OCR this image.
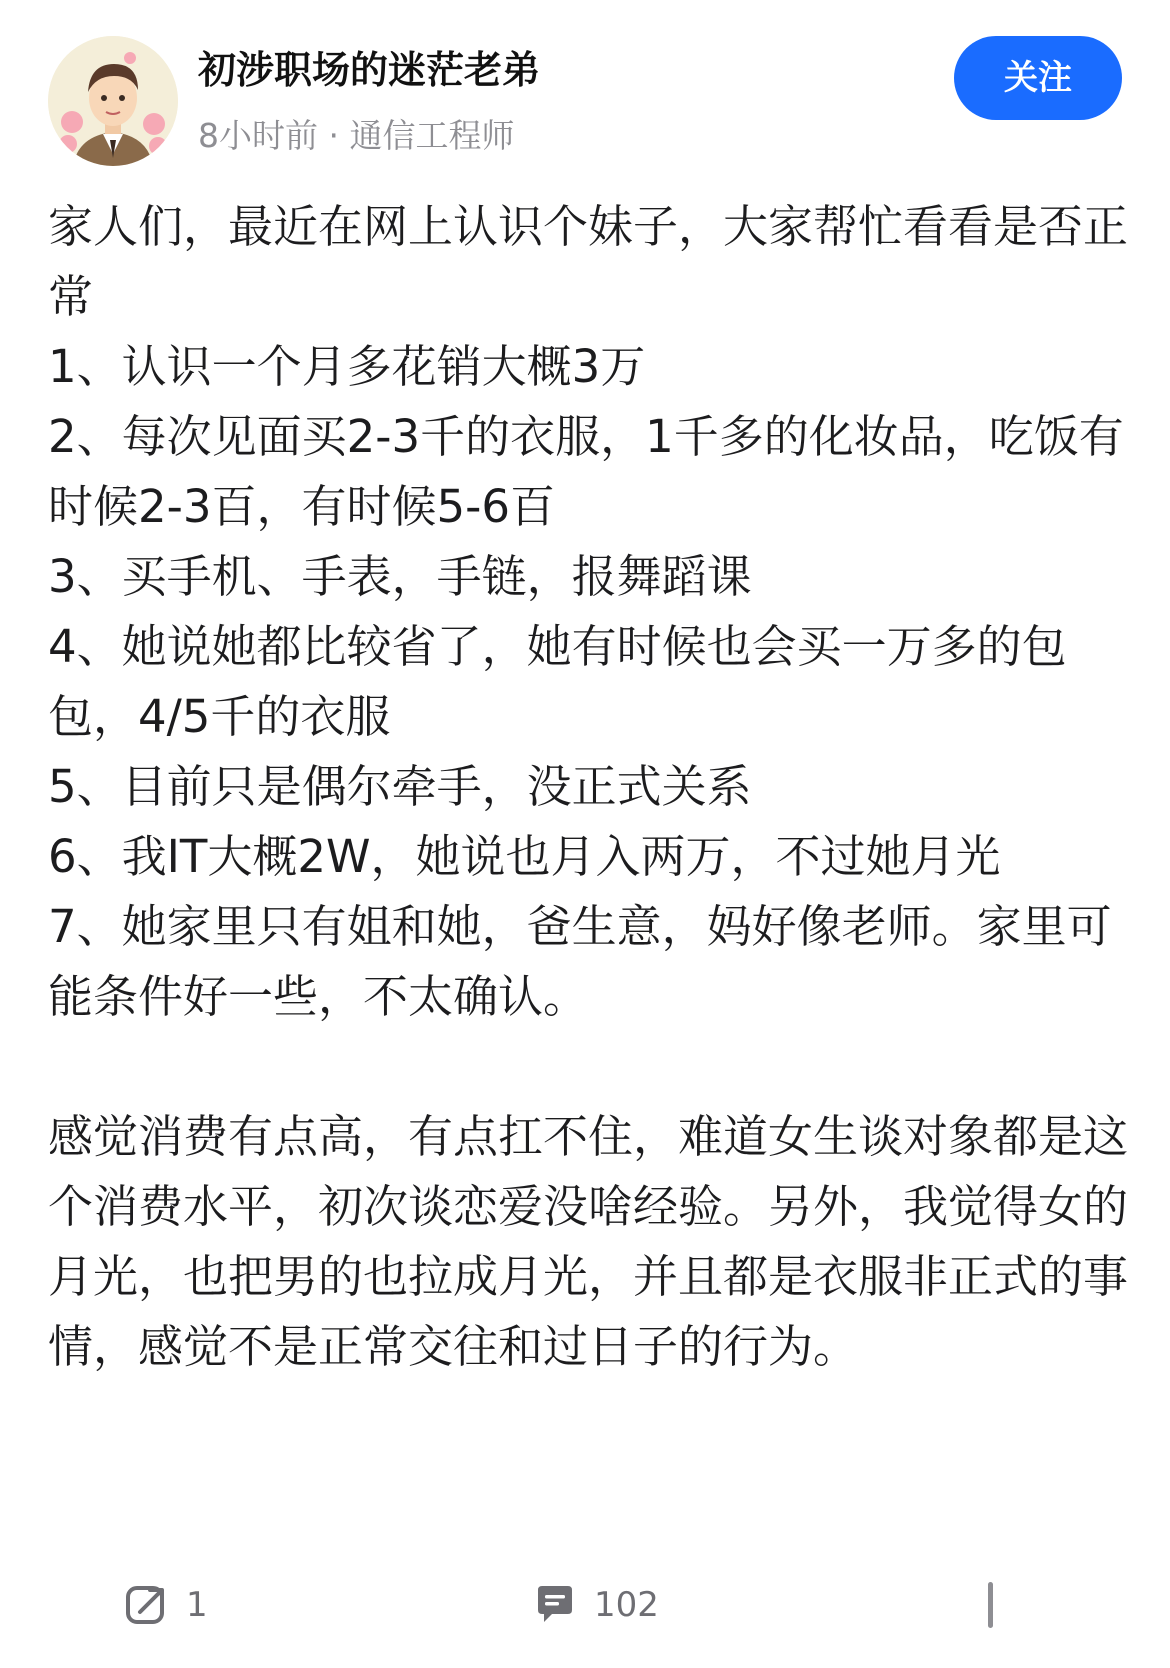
初涉职场的迷茫老弟
8小时前 · 通信工程师
关注

家人们，最近在网上认识个妹子，大家帮忙看看是否正常

1、认识一个月多花销大概3万

2、每次见面买2-3千的衣服，1千多的化妆品，吃饭有时候2-3百，有时候5-6百

3、买手机、手表，手链，报舞蹈课

4、她说她都比较省了，她有时候也会买一万多的包包，4/5千的衣服

5、目前只是偶尔牵手，没正式关系

6、我IT大概2W，她说也月入两万，不过她月光

7、她家里只有姐和她，爸生意，妈好像老师。家里可能条件好一些，不太确认。

感觉消费有点高，有点扛不住，难道女生谈对象都是这个消费水平，初次谈恋爱没啥经验。另外，我觉得女的月光，也把男的也拉成月光，并且都是衣服非正式的事情，感觉不是正常交往和过日子的行为。

1	102
